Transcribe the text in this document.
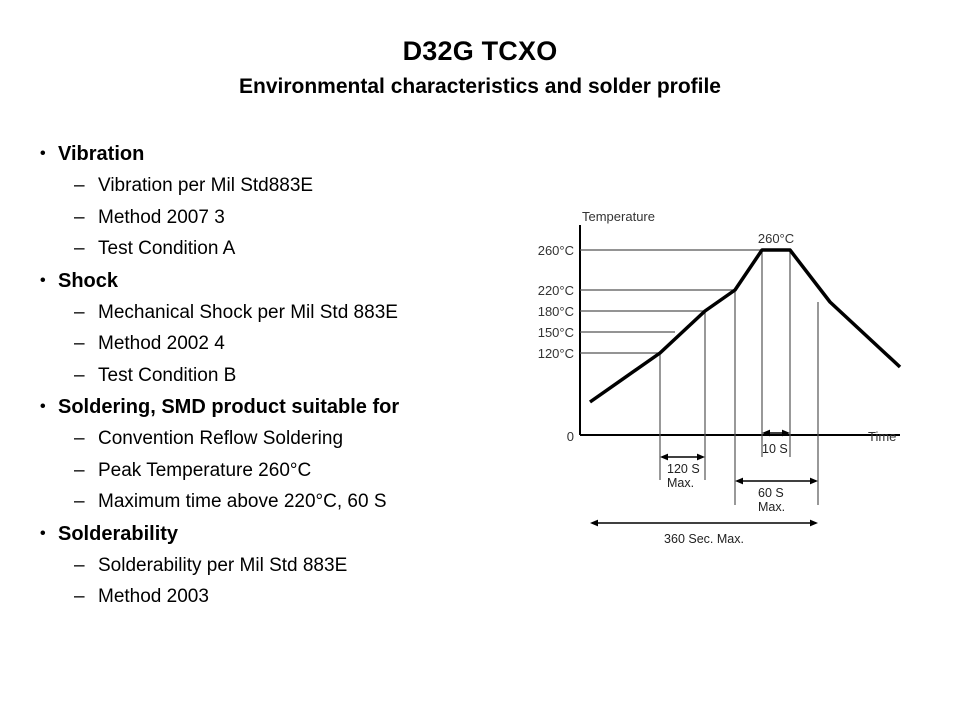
D32G TCXO
Environmental characteristics and solder profile
• Vibration
– Vibration per Mil Std883E
– Method 2007 3
– Test Condition A
• Shock
– Mechanical Shock per Mil Std 883E
– Method 2002 4
– Test Condition B
• Soldering, SMD product suitable for
– Convention Reflow Soldering
– Peak Temperature 260°C
– Maximum time above 220°C, 60 S
• Solderability
– Solderability per Mil Std 883E
– Method 2003
260°C
220°C
180°C
150°C
120°C
0
Temperature
Time
260°C
120 S
Max.
10 S
60 S
Max.
360 Sec. Max.
